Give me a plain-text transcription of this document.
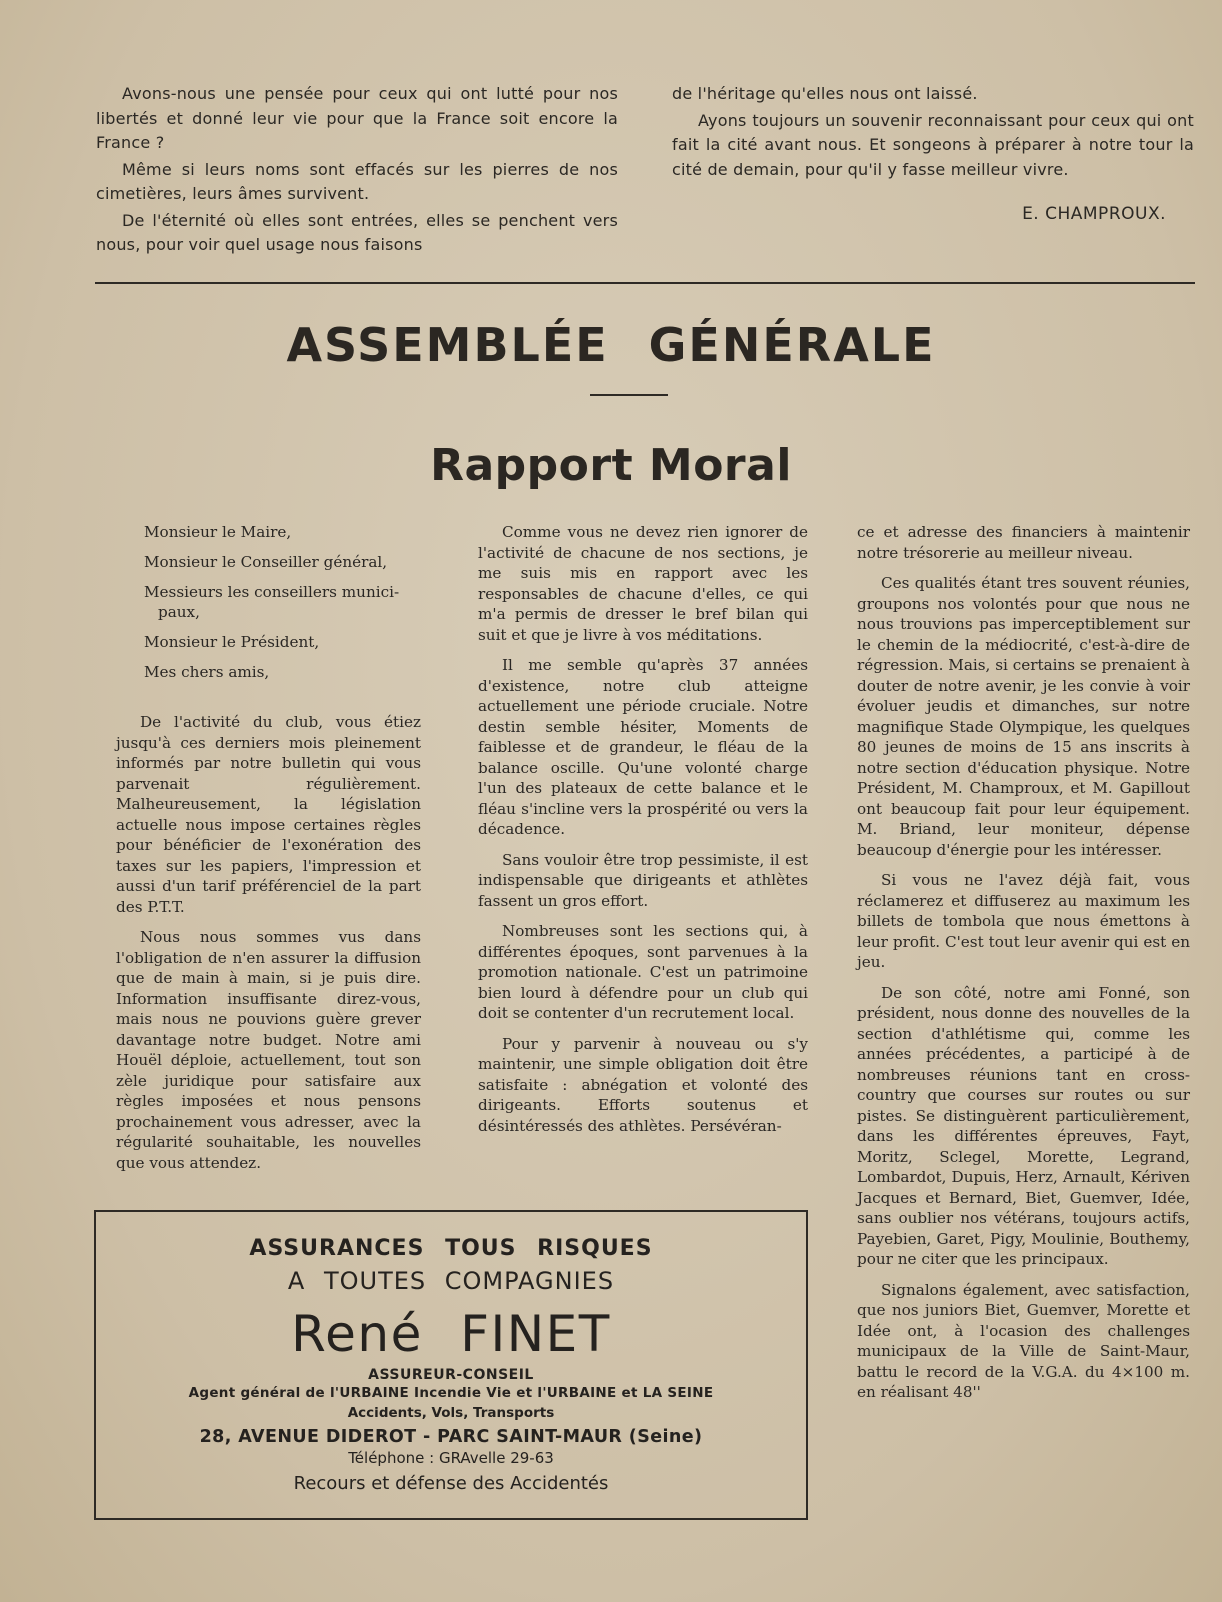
Avons-nous une pensée pour ceux qui ont lutté pour nos libertés et donné leur vie pour que la France soit encore la France ?

Même si leurs noms sont effacés sur les pierres de nos cimetières, leurs âmes survivent.

De l'éternité où elles sont entrées, elles se penchent vers nous, pour voir quel usage nous faisons

de l'héritage qu'elles nous ont laissé.

Ayons toujours un souvenir reconnaissant pour ceux qui ont fait la cité avant nous. Et songeons à préparer à notre tour la cité de demain, pour qu'il y fasse meilleur vivre.

E. CHAMPROUX.
ASSEMBLÉE GÉNÉRALE
Rapport Moral
Monsieur le Maire,
Monsieur le Conseiller général,
Messieurs les conseillers munici-
paux,
Monsieur le Président,
Mes chers amis,

De l'activité du club, vous étiez jusqu'à ces derniers mois pleinement informés par notre bulletin qui vous parvenait régulièrement. Malheureusement, la législation actuelle nous impose certaines règles pour bénéficier de l'exonération des taxes sur les papiers, l'impression et aussi d'un tarif préférenciel de la part des P.T.T.

Nous nous sommes vus dans l'obligation de n'en assurer la diffusion que de main à main, si je puis dire. Information insuffisante direz-vous, mais nous ne pouvions guère grever davantage notre budget. Notre ami Houël déploie, actuellement, tout son zèle juridique pour satisfaire aux règles imposées et nous pensons prochainement vous adresser, avec la régularité souhaitable, les nouvelles que vous attendez.

Comme vous ne devez rien ignorer de l'activité de chacune de nos sections, je me suis mis en rapport avec les responsables de chacune d'elles, ce qui m'a permis de dresser le bref bilan qui suit et que je livre à vos méditations.

Il me semble qu'après 37 années d'existence, notre club atteigne actuellement une période cruciale. Notre destin semble hésiter, Moments de faiblesse et de grandeur, le fléau de la balance oscille. Qu'une volonté charge l'un des plateaux de cette balance et le fléau s'incline vers la prospérité ou vers la décadence.

Sans vouloir être trop pessimiste, il est indispensable que dirigeants et athlètes fassent un gros effort.

Nombreuses sont les sections qui, à différentes époques, sont parvenues à la promotion nationale. C'est un patrimoine bien lourd à défendre pour un club qui doit se contenter d'un recrutement local.

Pour y parvenir à nouveau ou s'y maintenir, une simple obligation doit être satisfaite : abnégation et volonté des dirigeants. Efforts soutenus et désintéressés des athlètes. Persévéran-

ce et adresse des financiers à maintenir notre trésorerie au meilleur niveau.

Ces qualités étant tres souvent réunies, groupons nos volontés pour que nous ne nous trouvions pas imperceptiblement sur le chemin de la médiocrité, c'est-à-dire de régression. Mais, si certains se prenaient à douter de notre avenir, je les convie à voir évoluer jeudis et dimanches, sur notre magnifique Stade Olympique, les quelques 80 jeunes de moins de 15 ans inscrits à notre section d'éducation physique. Notre Président, M. Champroux, et M. Gapillout ont beaucoup fait pour leur équipement. M. Briand, leur moniteur, dépense beaucoup d'énergie pour les intéresser.

Si vous ne l'avez déjà fait, vous réclamerez et diffuserez au maximum les billets de tombola que nous émettons à leur profit. C'est tout leur avenir qui est en jeu.

De son côté, notre ami Fonné, son président, nous donne des nouvelles de la section d'athlétisme qui, comme les années précédentes, a participé à de nombreuses réunions tant en cross-country que courses sur routes ou sur pistes. Se distinguèrent particulièrement, dans les différentes épreuves, Fayt, Moritz, Sclegel, Morette, Legrand, Lombardot, Dupuis, Herz, Arnault, Kériven Jacques et Bernard, Biet, Guemver, Idée, sans oublier nos vétérans, toujours actifs, Payebien, Garet, Pigy, Moulinie, Bouthemy, pour ne citer que les principaux.

Signalons également, avec satisfaction, que nos juniors Biet, Guemver, Morette et Idée ont, à l'ocasion des challenges municipaux de la Ville de Saint-Maur, battu le record de la V.G.A. du 4×100 m. en réalisant 48''

ASSURANCES TOUS RISQUES
A TOUTES COMPAGNIES
René FINET
ASSUREUR-CONSEIL
Agent général de l'URBAINE Incendie Vie et l'URBAINE et LA SEINE
Accidents, Vols, Transports
28, AVENUE DIDEROT - PARC SAINT-MAUR (Seine)
Téléphone : GRAvelle 29-63
Recours et défense des Accidentés
